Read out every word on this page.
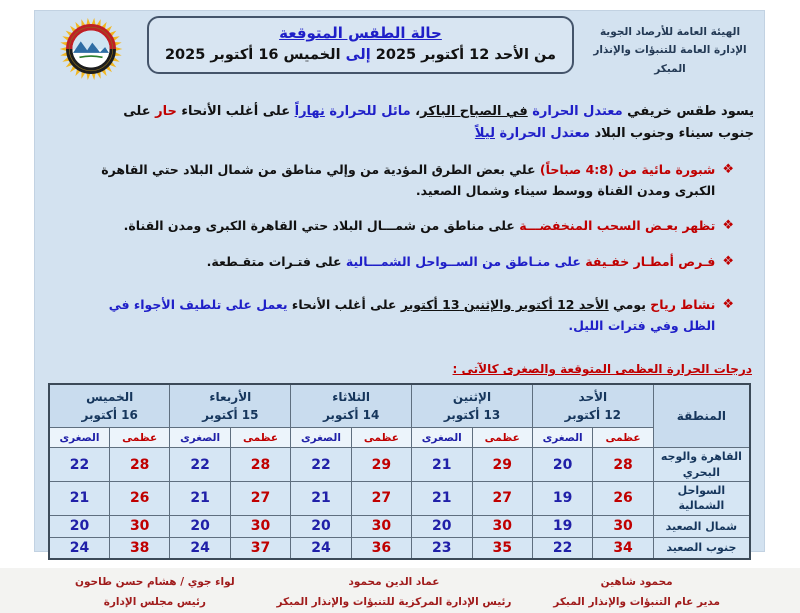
الهيئة العامة للأرصاد الجوية
الإدارة العامة للتنبؤات والإنذار المبكر
حالة الطقس المتوقعة
من الأحد 12 أكتوبر 2025 إلى الخميس 16 أكتوبر 2025

يسود طقس خريفي معتدل الحرارة في الصباح الباكر، مائل للحرارة نهاراً على أغلب الأنحاء حار على جنوب سيناء وجنوب البلاد معتدل الحرارة ليلاً

❖
شبورة مائية من (4:8 صباحاً) علي بعض الطرق المؤدية من وإلي مناطق من شمال البلاد حتي القاهرة الكبرى ومدن القناة ووسط سيناء وشمال الصعيد.
❖
تظهر بعـض السحب المنخفضـــة على مناطق من شمـــال البلاد حتي القاهرة الكبرى ومدن القناة.
❖
فـرص أمطـار خفـيفة على منـاطق من الســواحل الشمـــالية على فتـرات متقـطعة.
❖
نشاط رياح يومي الأحد 12 أكتوبر والإثنين 13 أكتوبر على أغلب الأنحاء يعمل على تلطيف الأجواء في الظل وفي فترات الليل.
درجات الحرارة العظمى المتوقعة والصغرى كالآتى :
المنطقة	
الأحد
12 أكتوبر

الإثنين
13 أكتوبر

الثلاثاء
14 أكتوبر

الأربعاء
15 أكتوبر

الخميس
16 أكتوبر

	عظمى	الصغرى	عظمى	الصغرى	عظمى	الصغرى	عظمى	الصغرى	عظمى	الصغرى
القاهرة والوجه البحري	28	20	29	21	29	22	28	22	28	22
السواحل الشمالية	26	19	27	21	27	21	27	21	26	21
شمال الصعيد	30	19	30	20	30	20	30	20	30	20
جنوب الصعيد	34	22	35	23	36	24	37	24	38	24
محمود شاهين
مدير عام التنبؤات والإنذار المبكر
عماد الدين محمود
رئيس الإدارة المركزية للتنبؤات والإنذار المبكر
لواء جوي / هشام حسن طاحون
رئيس مجلس الإدارة
